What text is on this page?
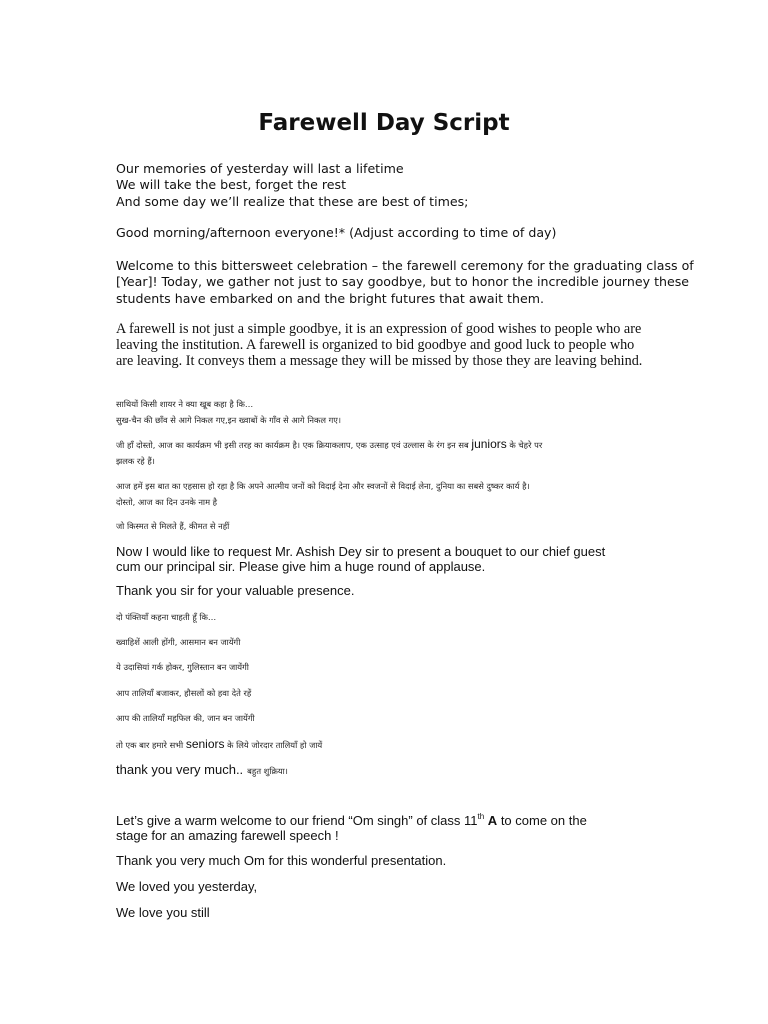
Farewell Day Script
Our memories of yesterday will last a lifetime
We will take the best, forget the rest
And some day we’ll realize that these are best of times;
Good morning/afternoon everyone!* (Adjust according to time of day)
Welcome to this bittersweet celebration – the farewell ceremony for the graduating class of
[Year]! Today, we gather not just to say goodbye, but to honor the incredible journey these
students have embarked on and the bright futures that await them.
A farewell is not just a simple goodbye, it is an expression of good wishes to people who are
leaving the institution. A farewell is organized to bid goodbye and good luck to people who
are leaving. It conveys them a message they will be missed by those they are leaving behind.
साथियों किसी शायर ने क्या खूब कहा है कि…
सुख-चैन की छाँव से आगे निकल गए,इन ख्वाबों के गाँव से आगे निकल गए।
जी हाँ दोस्तो, आज का कार्यक्रम भी इसी तरह का कार्यक्रम है। एक क्रियाकलाप, एक उत्साह एवं उल्लास के रंग इन सब juniors के चेहरे पर
झलक रहे हैं।
आज हमें इस बात का एहसास हो रहा है कि अपने आत्मीय जनों को विदाई देना और स्वजनों से विदाई लेना, दुनिया का सबसे दुष्कर कार्य है।
दोस्तो, आज का दिन उनके नाम है
जो किस्मत से मिलते हैं, कीमत से नहीं
Now I would like to request Mr. Ashish Dey sir to present a bouquet to our chief guest
cum our principal sir. Please give him a huge round of applause.
Thank you sir for your valuable presence.
दो पंक्तियाँ कहना चाहती हूँ कि…
ख्वाहिशें आली होंगी, आसमान बन जायेंगी
ये उदासियां गर्क होकर, गुलिस्तान बन जायेंगी
आप तालियाँ बजाकर, हौसलों को हवा देते रहें
आप की तालियाँ महफिल की, जान बन जायेंगी
तो एक बार हमारे सभी seniors के लिये जोरदार तालियाँ हो जायें
thank you very much.. बहुत शुक्रिया।
Let’s give a warm welcome to our friend “Om singh” of class 11th A to come on the
stage for an amazing farewell speech !
Thank you very much Om for this wonderful presentation.
We loved you yesterday,
We love you still
